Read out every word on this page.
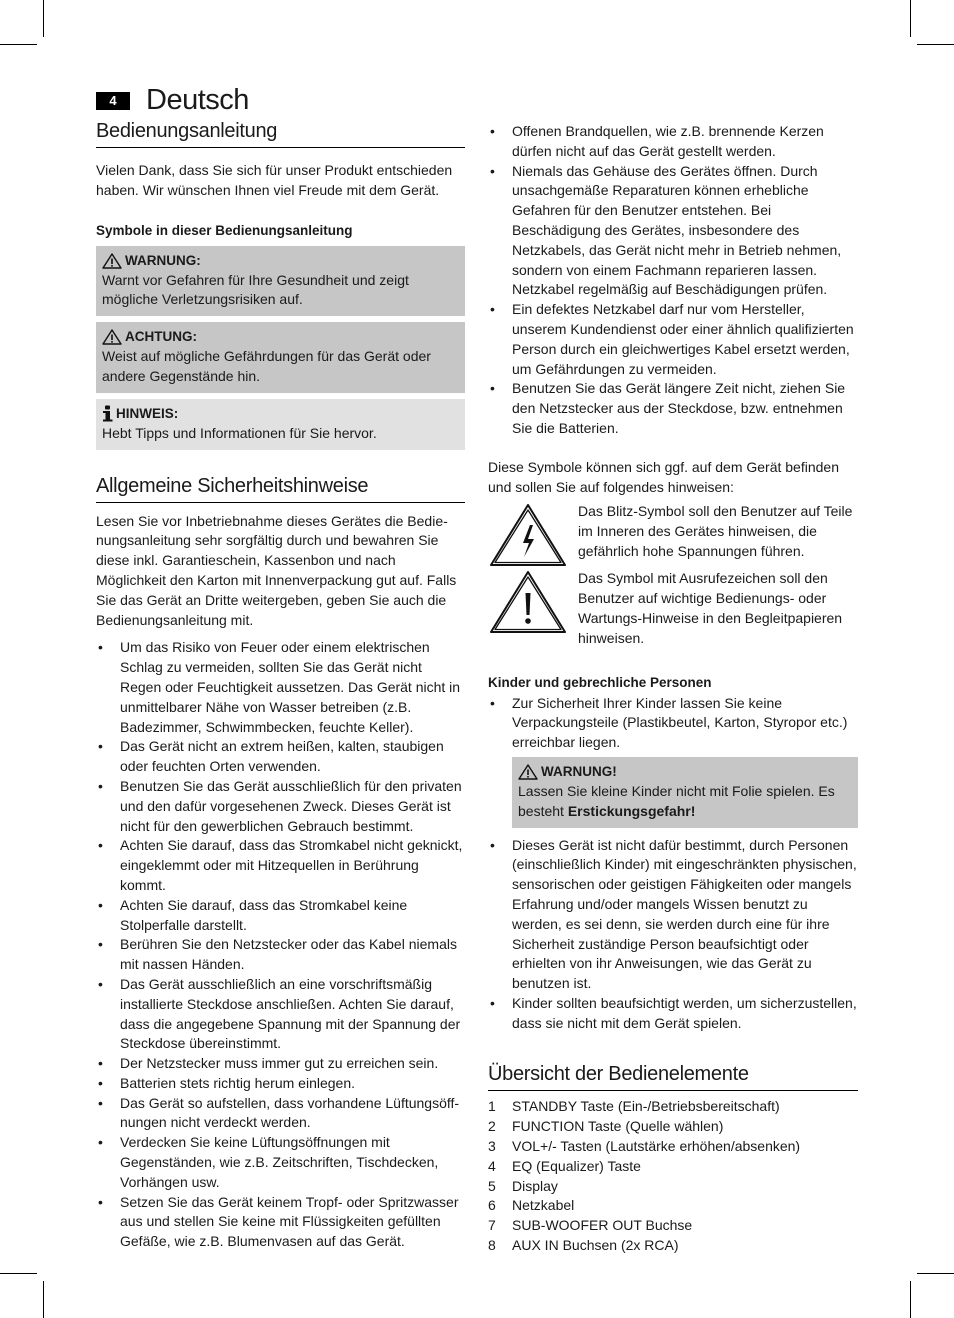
4	Deutsch
Bedienungsanleitung

Vielen Dank, dass Sie sich für unser Produkt entschieden haben. Wir wünschen Ihnen viel Freude mit dem Gerät.

Symbole in dieser Bedienungsanleitung

WARNUNG:
Warnt vor Gefahren für Ihre Gesundheit und zeigt mögliche Verletzungsrisiken auf.
ACHTUNG:
Weist auf mögliche Gefährdungen für das Gerät oder andere Gegenstände hin.
HINWEIS:
Hebt Tipps und Informationen für Sie hervor.
Allgemeine Sicherheitshinweise

Lesen Sie vor Inbetriebnahme dieses Gerätes die Bedienungsanleitung sehr sorgfältig durch und bewahren Sie diese inkl. Garantieschein, Kassenbon und nach Möglichkeit den Karton mit Innenverpackung gut auf. Falls Sie das Gerät an Dritte weitergeben, geben Sie auch die Bedienungsanleitung mit.

• Um das Risiko von Feuer oder einem elektrischen Schlag zu vermeiden, sollten Sie das Gerät nicht Regen oder Feuchtigkeit aussetzen. Das Gerät nicht in unmittelbarer Nähe von Wasser betreiben (z.B. Badezimmer, Schwimmbecken, feuchte Keller).
• Das Gerät nicht an extrem heißen, kalten, staubigen oder feuchten Orten verwenden.
• Benutzen Sie das Gerät ausschließlich für den privaten und den dafür vorgesehenen Zweck. Dieses Gerät ist nicht für den gewerblichen Gebrauch bestimmt.
• Achten Sie darauf, dass das Stromkabel nicht geknickt, eingeklemmt oder mit Hitzequellen in Berührung kommt.
• Achten Sie darauf, dass das Stromkabel keine Stolperfalle darstellt.
• Berühren Sie den Netzstecker oder das Kabel niemals mit nassen Händen.
• Das Gerät ausschließlich an eine vorschriftsmäßig installierte Steckdose anschließen. Achten Sie darauf, dass die angegebene Spannung mit der Spannung der Steckdose übereinstimmt.
• Der Netzstecker muss immer gut zu erreichen sein.
• Batterien stets richtig herum einlegen.
• Das Gerät so aufstellen, dass vorhandene Lüftungsöffnungen nicht verdeckt werden.
• Verdecken Sie keine Lüftungsöffnungen mit Gegenständen, wie z.B. Zeitschriften, Tischdecken, Vorhängen usw.
• Setzen Sie das Gerät keinem Tropf- oder Spritzwasser aus und stellen Sie keine mit Flüssigkeiten gefüllten Gefäße, wie z.B. Blumenvasen auf das Gerät.
• Offenen Brandquellen, wie z.B. brennende Kerzen dürfen nicht auf das Gerät gestellt werden.
• Niemals das Gehäuse des Gerätes öffnen. Durch unsachgemäße Reparaturen können erhebliche Gefahren für den Benutzer entstehen. Bei Beschädigung des Gerätes, insbesondere des Netzkabels, das Gerät nicht mehr in Betrieb nehmen, sondern von einem Fachmann reparieren lassen. Netzkabel regelmäßig auf Beschädigungen prüfen.
• Ein defektes Netzkabel darf nur vom Hersteller, unserem Kundendienst oder einer ähnlich qualifizierten Person durch ein gleichwertiges Kabel ersetzt werden, um Gefährdungen zu vermeiden.
• Benutzen Sie das Gerät längere Zeit nicht, ziehen Sie den Netzstecker aus der Steckdose, bzw. entnehmen Sie die Batterien.

Diese Symbole können sich ggf. auf dem Gerät befinden und sollen Sie auf folgendes hinweisen:

Das Blitz-Symbol soll den Benutzer auf Teile im Inneren des Gerätes hinweisen, die gefährlich hohe Spannungen führen.
Das Symbol mit Ausrufezeichen soll den Benutzer auf wichtige Bedienungs- oder Wartungs-Hinweise in den Begleitpapieren hinweisen.

Kinder und gebrechliche Personen

• Zur Sicherheit Ihrer Kinder lassen Sie keine Verpackungsteile (Plastikbeutel, Karton, Styropor etc.) erreichbar liegen.
WARNUNG!
Lassen Sie kleine Kinder nicht mit Folie spielen. Es besteht Erstickungsgefahr!
• Dieses Gerät ist nicht dafür bestimmt, durch Personen (einschließlich Kinder) mit eingeschränkten physischen, sensorischen oder geistigen Fähigkeiten oder mangels Erfahrung und/oder mangels Wissen benutzt zu werden, es sei denn, sie werden durch eine für ihre Sicherheit zuständige Person beaufsichtigt oder erhielten von ihr Anweisungen, wie das Gerät zu benutzen ist.
• Kinder sollten beaufsichtigt werden, um sicherzustellen, dass sie nicht mit dem Gerät spielen.
Übersicht der Bedienelemente
1	STANDBY Taste (Ein-/Betriebsbereitschaft)
2	FUNCTION Taste (Quelle wählen)
3	VOL+/- Tasten (Lautstärke erhöhen/absenken)
4	EQ (Equalizer) Taste
5	Display
6	Netzkabel
7	SUB-WOOFER OUT Buchse
8	AUX IN Buchsen (2x RCA)
